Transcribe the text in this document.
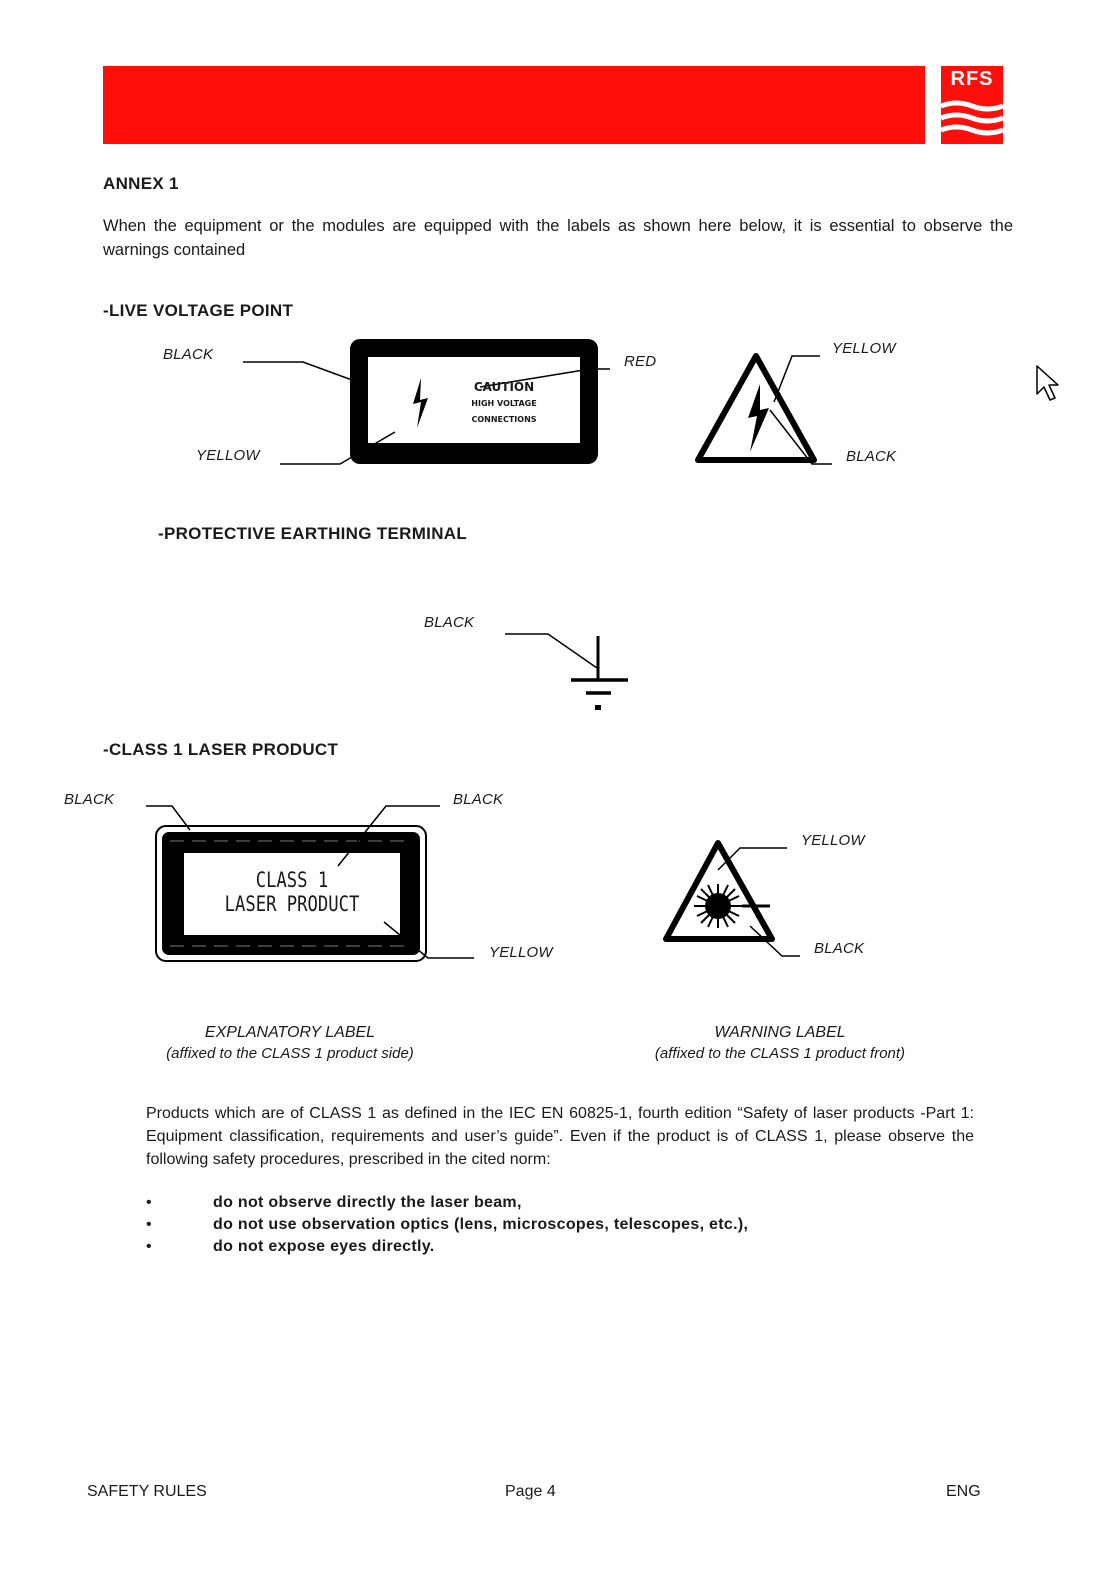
RFS
ANNEX 1
When the equipment or the modules are equipped with the labels as shown here below, it is essential to observe the warnings contained
-LIVE VOLTAGE POINT
BLACK
YELLOW
RED
YELLOW
BLACK
CAUTION
HIGH VOLTAGE
CONNECTIONS
-PROTECTIVE EARTHING TERMINAL
BLACK
-CLASS 1 LASER PRODUCT
BLACK	BLACK
YELLOW
YELLOW
BLACK
CLASS 1
LASER PRODUCT
EXPLANATORY LABEL
(affixed to the CLASS 1 product side)
WARNING LABEL
(affixed to the CLASS 1 product front)
Products which are of CLASS 1 as defined in the IEC EN 60825-1, fourth edition “Safety of laser products -Part 1: Equipment classification, requirements and user’s guide”. Even if the product is of CLASS 1, please observe the following safety procedures, prescribed in the cited norm:
•	do not observe directly the laser beam,
•	do not use observation optics (lens, microscopes, telescopes, etc.),
•	do not expose eyes directly.
SAFETY RULES	Page 4	ENG
